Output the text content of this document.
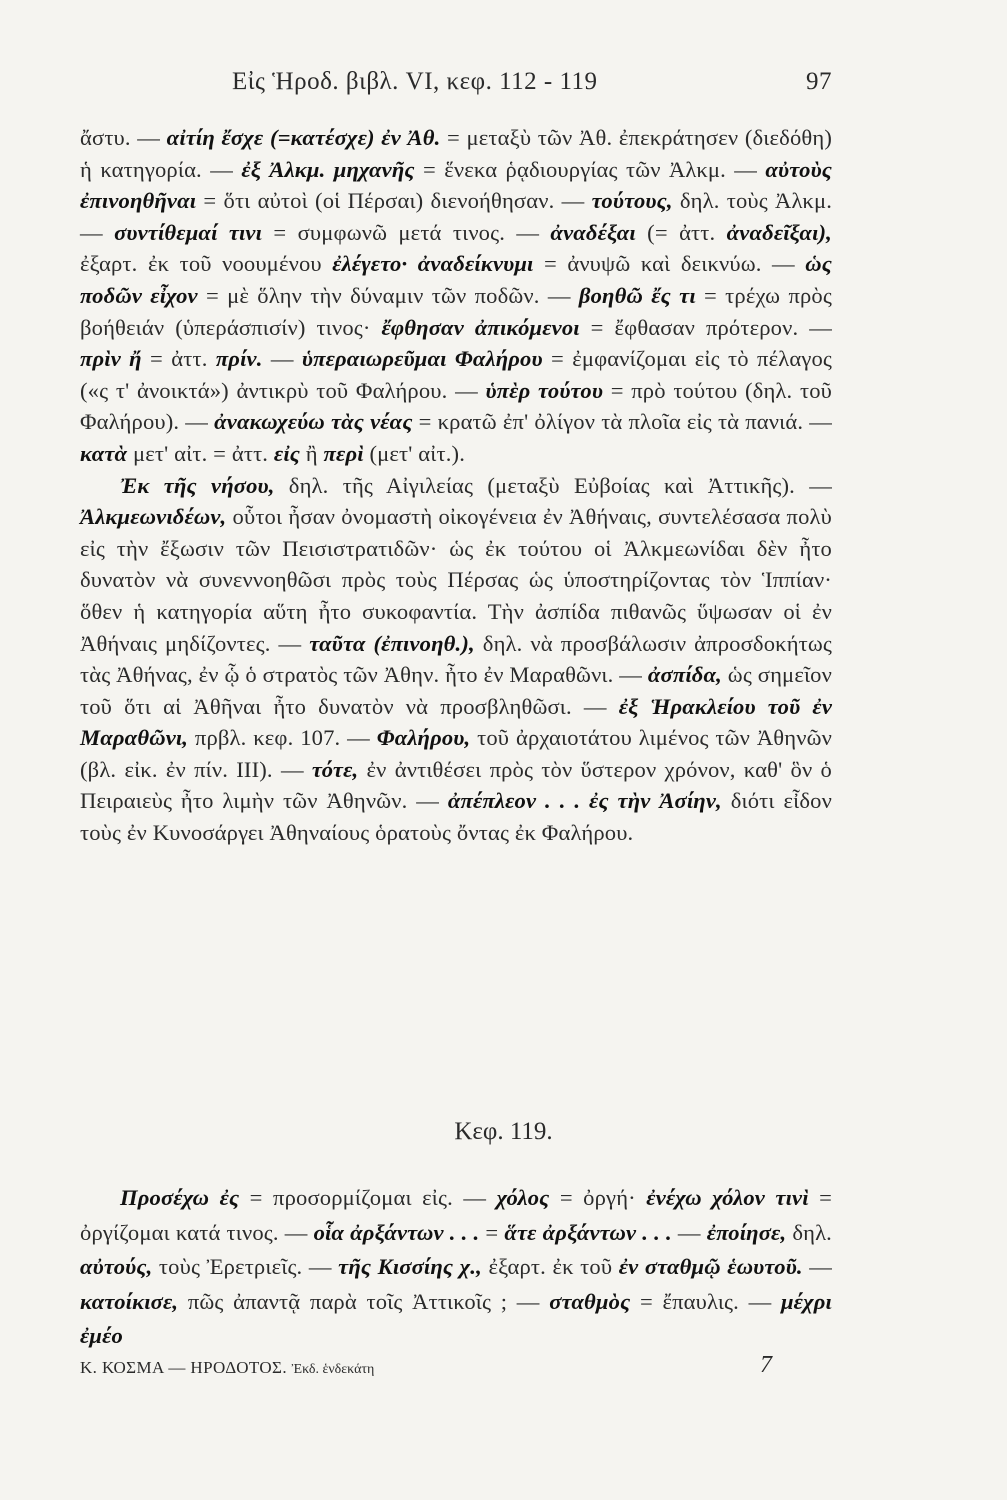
Εἰς Ἡροδ. βιβλ. VI, κεφ. 112 - 119	97

ἄστυ. — αἰτίη ἔσχε (=κατέσχε) ἐν Ἀθ. = μεταξὺ τῶν Ἀθ. ἐπεκράτησεν (διεδόθη) ἡ κατηγορία. — ἐξ Ἀλκμ. μηχανῆς = ἕνεκα ῥᾳδιουργίας τῶν Ἀλκμ. — αὐτοὺς ἐπινοηθῆναι = ὅτι αὐτοὶ (οἱ Πέρσαι) διενοήθησαν. — τούτους, δηλ. τοὺς Ἀλκμ. — συντίθεμαί τινι = συμφωνῶ μετά τινος. — ἀναδέξαι (= ἀττ. ἀναδεῖξαι), ἐξαρτ. ἐκ τοῦ νοουμένου ἐλέγετο· ἀναδείκνυμι = ἀνυψῶ καὶ δεικνύω. — ὡς ποδῶν εἶχον = μὲ ὅλην τὴν δύναμιν τῶν ποδῶν. — βοηθῶ ἔς τι = τρέχω πρὸς βοήθειάν (ὑπεράσπισίν) τινος· ἔφθησαν ἀπικόμενοι = ἔφθασαν πρότερον. — πρὶν ἤ = ἀττ. πρίν. — ὑπεραιωρεῦμαι Φαλήρου = ἐμφανίζομαι εἰς τὸ πέλαγος («ς τ' ἀνοικτά») ἀντικρὺ τοῦ Φαλήρου. — ὑπὲρ τούτου = πρὸ τούτου (δηλ. τοῦ Φαλήρου). — ἀνακωχεύω τὰς νέας = κρατῶ ἐπ' ὀλίγον τὰ πλοῖα εἰς τὰ πανιά. — κατὰ μετ' αἰτ. = ἀττ. εἰς ἢ περὶ (μετ' αἰτ.).

Ἐκ τῆς νήσου, δηλ. τῆς Αἰγιλείας (μεταξὺ Εὐβοίας καὶ Ἀττικῆς). — Ἀλκμεωνιδέων, οὗτοι ἦσαν ὀνομαστὴ οἰκογένεια ἐν Ἀθήναις, συντελέσασα πολὺ εἰς τὴν ἔξωσιν τῶν Πεισιστρατιδῶν· ὡς ἐκ τούτου οἱ Ἀλκμεωνίδαι δὲν ἦτο δυνατὸν νὰ συνεννοηθῶσι πρὸς τοὺς Πέρσας ὡς ὑποστηρίζοντας τὸν Ἱππίαν· ὅθεν ἡ κατηγορία αὕτη ἦτο συκοφαντία. Τὴν ἀσπίδα πιθανῶς ὕψωσαν οἱ ἐν Ἀθήναις μηδίζοντες. — ταῦτα (ἐπινοηθ.), δηλ. νὰ προσβάλωσιν ἀπροσδοκήτως τὰς Ἀθήνας, ἐν ᾧ ὁ στρατὸς τῶν Ἀθην. ἦτο ἐν Μαραθῶνι. — ἀσπίδα, ὡς σημεῖον τοῦ ὅτι αἱ Ἀθῆναι ἦτο δυνατὸν νὰ προσβληθῶσι. — ἐξ Ἡρακλείου τοῦ ἐν Μαραθῶνι, πρβλ. κεφ. 107. — Φαλήρου, τοῦ ἀρχαιοτάτου λιμένος τῶν Ἀθηνῶν (βλ. εἰκ. ἐν πίν. III). — τότε, ἐν ἀντιθέσει πρὸς τὸν ὕστερον χρόνον, καθ' ὃν ὁ Πειραιεὺς ἦτο λιμὴν τῶν Ἀθηνῶν. — ἀπέπλεον . . . ἐς τὴν Ἀσίην, διότι εἶδον τοὺς ἐν Κυνοσάργει Ἀθηναίους ὁρατοὺς ὄντας ἐκ Φαλήρου.

Κεφ. 119.

Προσέχω ἐς = προσορμίζομαι εἰς. — χόλος = ὀργή· ἐνέχω χόλον τινὶ = ὀργίζομαι κατά τινος. — οἷα ἀρξάντων . . . = ἅτε ἀρξάντων . . . — ἐποίησε, δηλ. αὐτούς, τοὺς Ἐρετριεῖς. — τῆς Κισσίης χ., ἐξαρτ. ἐκ τοῦ ἐν σταθμῷ ἑωυτοῦ. — κατοίκισε, πῶς ἀπαντᾷ παρὰ τοῖς Ἀττικοῖς ; — σταθμὸς = ἔπαυλις. — μέχρι ἐμέο

Κ. ΚΟΣΜΑ — ΗΡΟΔΟΤΟΣ. Ἐκδ. ἑνδεκάτη	7
